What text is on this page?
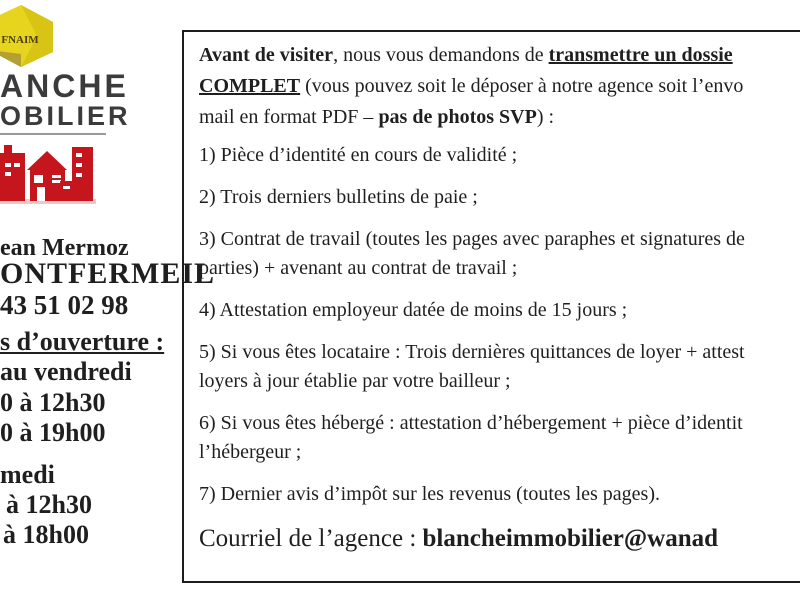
FNAIM
ANCHE
OBILIER
ean Mermoz
ONTFERMEIL
43 51 02 98
s d’ouverture :
au vendredi
0 à 12h30
0 à 19h00
medi
à 12h30
à 18h00
Avant de visiter, nous vous demandons de transmettre un dossie
COMPLET (vous pouvez soit le déposer à notre agence soit l’envo
mail en format PDF – pas de photos SVP) :
1) Pièce d’identité en cours de validité ;
2) Trois derniers bulletins de paie ;
3) Contrat de travail (toutes les pages avec paraphes et signatures de
parties) + avenant au contrat de travail ;
4) Attestation employeur datée de moins de 15 jours ;
5) Si vous êtes locataire : Trois dernières quittances de loyer + attest
loyers à jour établie par votre bailleur ;
6) Si vous êtes hébergé : attestation d’hébergement + pièce d’identit
l’hébergeur ;
7) Dernier avis d’impôt sur les revenus (toutes les pages).
Courriel de l’agence : blancheimmobilier@wanad
